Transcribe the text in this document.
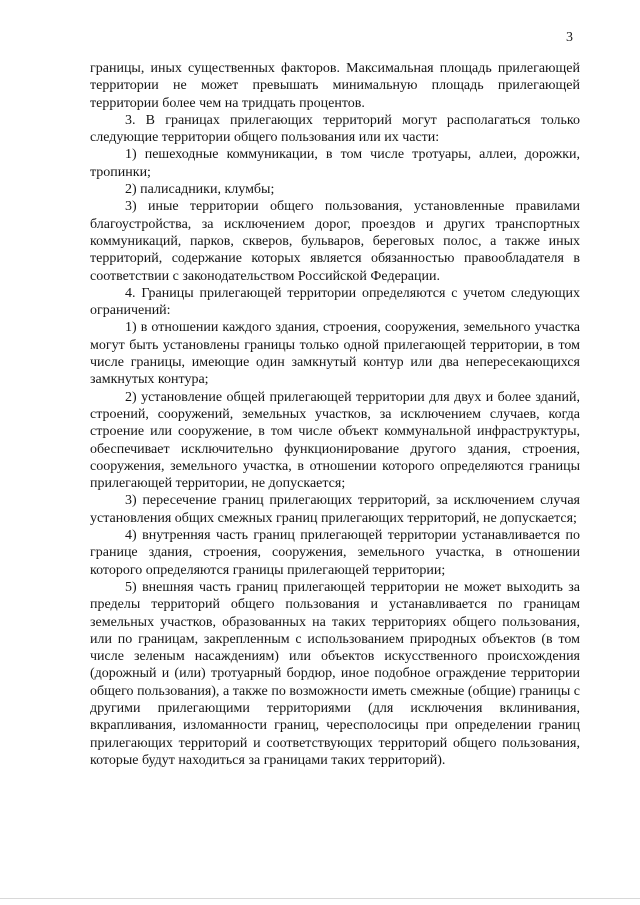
3

границы, иных существенных факторов. Максимальная площадь прилегающей территории не может превышать минимальную площадь прилегающей территории более чем на тридцать процентов.

3. В границах прилегающих территорий могут располагаться только следующие территории общего пользования или их части:

1) пешеходные коммуникации, в том числе тротуары, аллеи, дорожки, тропинки;

2) палисадники, клумбы;

3) иные территории общего пользования, установленные правилами благоустройства, за исключением дорог, проездов и других транспортных коммуникаций, парков, скверов, бульваров, береговых полос, а также иных территорий, содержание которых является обязанностью правообладателя в соответствии с законодательством Российской Федерации.

4. Границы прилегающей территории определяются с учетом следующих ограничений:

1) в отношении каждого здания, строения, сооружения, земельного участка могут быть установлены границы только одной прилегающей территории, в том числе границы, имеющие один замкнутый контур или два непересекающихся замкнутых контура;

2) установление общей прилегающей территории для двух и более зданий, строений, сооружений, земельных участков, за исключением случаев, когда строение или сооружение, в том числе объект коммунальной инфраструктуры, обеспечивает исключительно функционирование другого здания, строения, сооружения, земельного участка, в отношении которого определяются границы прилегающей территории, не допускается;

3) пересечение границ прилегающих территорий, за исключением случая установления общих смежных границ прилегающих территорий, не допускается;

4) внутренняя часть границ прилегающей территории устанавливается по границе здания, строения, сооружения, земельного участка, в отношении которого определяются границы прилегающей территории;

5) внешняя часть границ прилегающей территории не может выходить за пределы территорий общего пользования и устанавливается по границам земельных участков, образованных на таких территориях общего пользования, или по границам, закрепленным с использованием природных объектов (в том числе зеленым насаждениям) или объектов искусственного происхождения (дорожный и (или) тротуарный бордюр, иное подобное ограждение территории общего пользования), а также по возможности иметь смежные (общие) границы с другими прилегающими территориями (для исключения вклинивания, вкрапливания, изломанности границ, чересполосицы при определении границ прилегающих территорий и соответствующих территорий общего пользования, которые будут находиться за границами таких территорий).
